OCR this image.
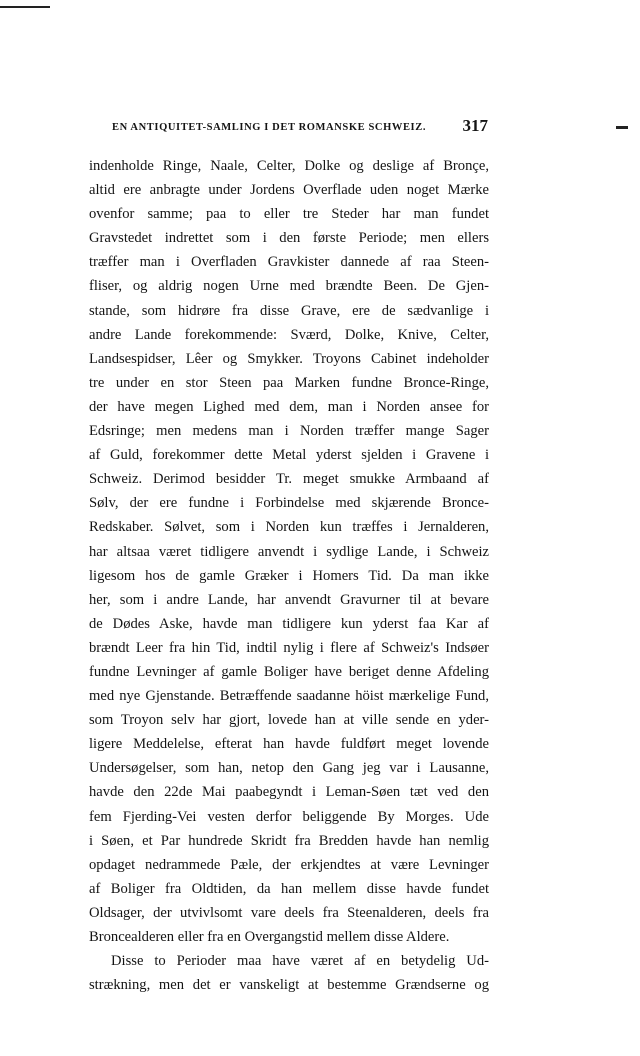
EN ANTIQUITET-SAMLING I DET ROMANSKE SCHWEIZ. 317
indenholde Ringe, Naale, Celter, Dolke og deslige af Bronçe,
altid ere anbragte under Jordens Overflade uden noget Mærke
ovenfor samme; paa to eller tre Steder har man fundet
Gravstedet indrettet som i den første Periode; men ellers
træffer man i Overfladen Gravkister dannede af raa Steen-
fliser, og aldrig nogen Urne med brændte Been. De Gjen-
stande, som hidrøre fra disse Grave, ere de sædvanlige i
andre Lande forekommende: Sværd, Dolke, Knive, Celter,
Landsespidser, Lêer og Smykker. Troyons Cabinet indeholder
tre under en stor Steen paa Marken fundne Bronce-Ringe,
der have megen Lighed med dem, man i Norden ansee for
Edsringe; men medens man i Norden træffer mange Sager
af Guld, forekommer dette Metal yderst sjelden i Gravene i
Schweiz. Derimod besidder Tr. meget smukke Armbaand af
Sølv, der ere fundne i Forbindelse med skjærende Bronce-
Redskaber. Sølvet, som i Norden kun træffes i Jernalderen,
har altsaa været tidligere anvendt i sydlige Lande, i Schweiz
ligesom hos de gamle Græker i Homers Tid. Da man ikke
her, som i andre Lande, har anvendt Gravurner til at bevare
de Dødes Aske, havde man tidligere kun yderst faa Kar af
brændt Leer fra hin Tid, indtil nylig i flere af Schweiz's Indsøer
fundne Levninger af gamle Boliger have beriget denne Afdeling
med nye Gjenstande. Betræffende saadanne höist mærkelige Fund,
som Troyon selv har gjort, lovede han at ville sende en yder-
ligere Meddelelse, efterat han havde fuldført meget lovende
Undersøgelser, som han, netop den Gang jeg var i Lausanne,
havde den 22de Mai paabegyndt i Leman-Søen tæt ved den
fem Fjerding-Vei vesten derfor beliggende By Morges. Ude
i Søen, et Par hundrede Skridt fra Bredden havde han nemlig
opdaget nedrammede Pæle, der erkjendtes at være Levninger
af Boliger fra Oldtiden, da han mellem disse havde fundet
Oldsager, der utvivlsomt vare deels fra Steenalderen, deels fra
Broncealderen eller fra en Overgangstid mellem disse Aldere.
Disse to Perioder maa have været af en betydelig Ud-
strækning, men det er vanskeligt at bestemme Grændserne og
